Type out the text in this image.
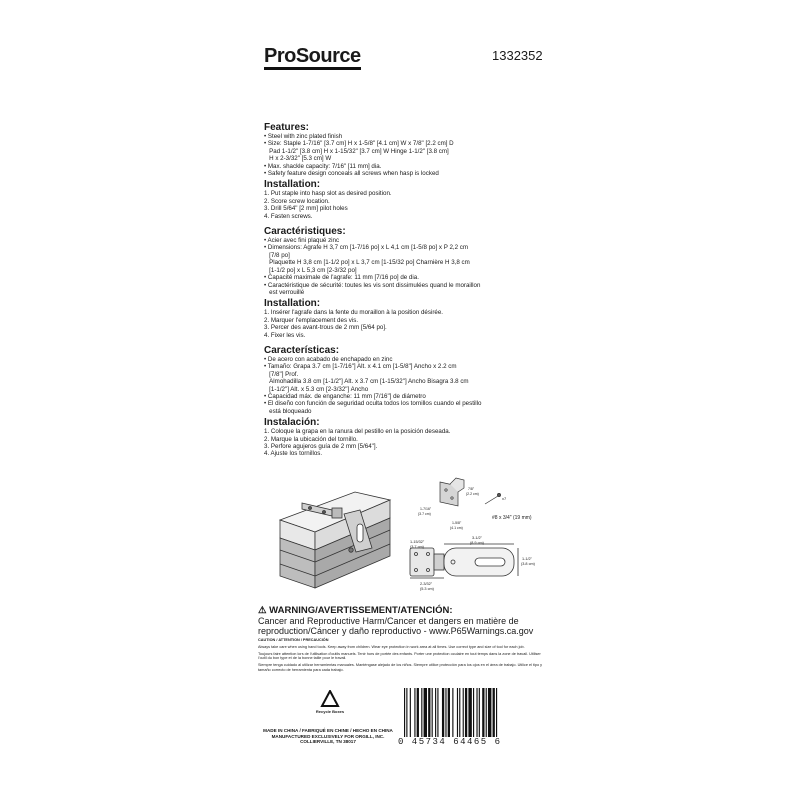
ProSource	1332352
Features:
• Steel with zinc plated finish
• Size: Staple 1-7/16" [3.7 cm] H x 1-5/8" [4.1 cm] W x 7/8" [2.2 cm] D
Pad 1-1/2" [3.8 cm] H x 1-15/32" [3.7 cm] W Hinge 1-1/2" [3.8 cm]
H x 2-3/32" [5.3 cm] W
• Max. shackle capacity: 7/16" [11 mm] dia.
• Safety feature design conceals all screws when hasp is locked
Installation:
1. Put staple into hasp slot as desired position.
2. Score screw location.
3. Drill 5/64" [2 mm] pilot holes
4. Fasten screws.
Caractéristiques:
• Acier avec fini plaqué zinc
• Dimensions: Agrafe H 3,7 cm [1-7/16 po] x L 4,1 cm [1-5/8 po] x P 2,2 cm
[7/8 po]
Plaquette H 3,8 cm [1-1/2 po] x L 3,7 cm [1-15/32 po] Charnière H 3,8 cm
[1-1/2 po] x L 5,3 cm [2-3/32 po]
• Capacité maximale de l'agrafe: 11 mm [7/16 po] de dia.
• Caractéristique de sécurité: toutes les vis sont dissimulées quand le moraillon
est verrouillé
Installation:
1. Insérer l'agrafe dans la fente du moraillon à la position désirée.
2. Marquer l'emplacement des vis.
3. Percer des avant-trous de 2 mm [5/64 po].
4. Fixer les vis.
Características:
• De acero con acabado de enchapado en zinc
• Tamaño: Grapa 3.7 cm [1-7/16"] Alt. x 4.1 cm [1-5/8"] Ancho x 2.2 cm
[7/8"] Prof.
Almohadilla 3.8 cm [1-1/2"] Alt. x 3.7 cm [1-15/32"] Ancho Bisagra 3.8 cm
[1-1/2"] Alt. x 5.3 cm [2-3/32"] Ancho
• Capacidad máx. de enganche: 11 mm [7/16"] de diámetro
• El diseño con función de seguridad oculta todos los tornillos cuando el pestillo
está bloqueado
Instalación:
1. Coloque la grapa en la ranura del pestillo en la posición deseada.
2. Marque la ubicación del tornillo.
3. Perfore agujeros guía de 2 mm [5/64"].
4. Ajuste los tornillos.
7/8"
(2.2 cm)
1-7/16"
(3.7 cm)
1-5/8"
(4.1 cm)
x7
#8 x 3/4" (19 mm)
1-15/32"
(3.7 cm)
3-1/2"
(8.9 cm)
1-1/2"
(3.8 cm)
2-3/32"
(5.3 cm)
⚠ WARNING/AVERTISSEMENT/ATENCIÓN:
Cancer and Reproductive Harm/Cancer et dangers en matière de reproduction/Cáncer y daño reproductivo - www.P65Warnings.ca.gov
CAUTION / ATTENTION / PRECAUCIÓN
Always take care when using hand tools. Keep away from children. Wear eye protection in work area at all times. Use correct type and size of tool for each job.
Toujours faire attention lors de l'utilisation d'outils manuels. Tenir hors de portée des enfants. Porter une protection oculaire en tout temps dans la zone de travail. Utiliser l'outil du bon type et de la bonne taille pour le travail.
Siempre tenga cuidado al utilizar herramientas manuales. Manténgase alejado de los niños. Siempre utilice protección para los ojos en el área de trabajo. Utilice el tipo y tamaño correcto de herramienta para cada trabajo.
Recycle Boxes
MADE IN CHINA / FABRIQUÉ EN CHINE / HECHO EN CHINA
MANUFACTURED EXCLUSIVELY FOR ORGILL, INC.
COLLIERVILLE, TN 38017	0 45734 64465 6
